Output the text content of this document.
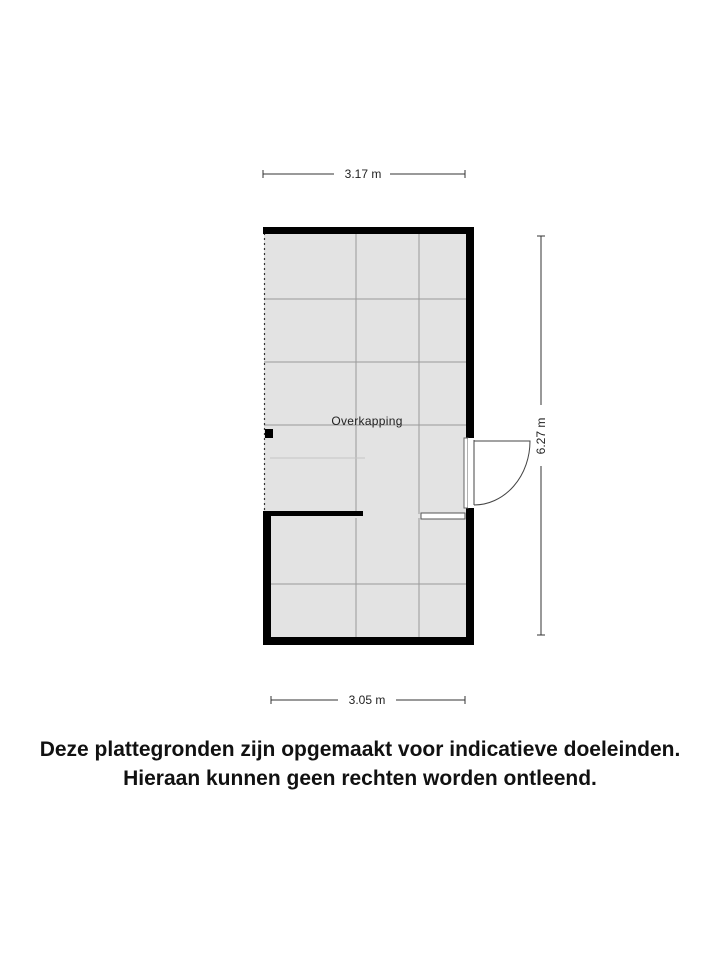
Overkapping
3.17 m
3.05 m
6.27 m
Deze plattegronden zijn opgemaakt voor indicatieve doeleinden.
Hieraan kunnen geen rechten worden ontleend.
